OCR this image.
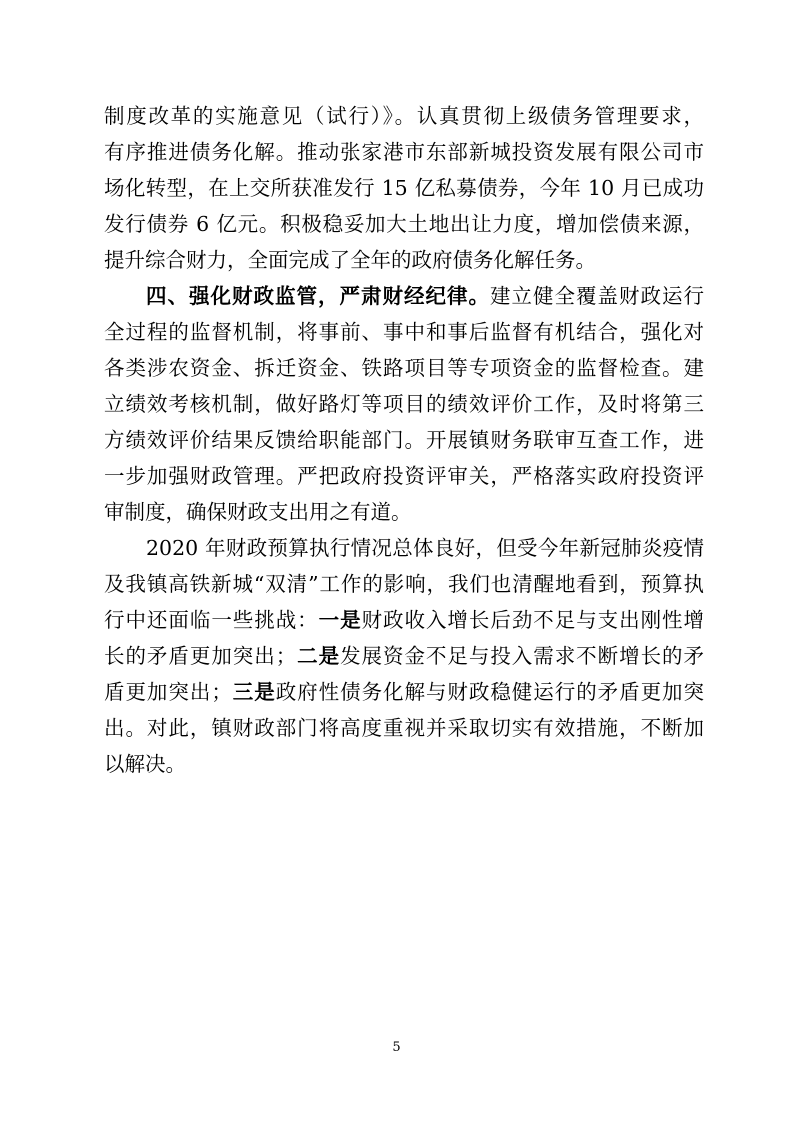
制度改革的实施意见（试行）》。认真贯彻上级债务管理要求，
有序推进债务化解。推动张家港市东部新城投资发展有限公司市
场化转型，在上交所获准发行 15 亿私募债券，今年 10 月已成功
发行债券 6 亿元。积极稳妥加大土地出让力度，增加偿债来源，
提升综合财力，全面完成了全年的政府债务化解任务。
四、强化财政监管，严肃财经纪律。建立健全覆盖财政运行
全过程的监督机制，将事前、事中和事后监督有机结合，强化对
各类涉农资金、拆迁资金、铁路项目等专项资金的监督检查。建
立绩效考核机制，做好路灯等项目的绩效评价工作，及时将第三
方绩效评价结果反馈给职能部门。开展镇财务联审互查工作，进
一步加强财政管理。严把政府投资评审关，严格落实政府投资评
审制度，确保财政支出用之有道。
2020 年财政预算执行情况总体良好，但受今年新冠肺炎疫情
及我镇高铁新城“双清”工作的影响，我们也清醒地看到，预算执
行中还面临一些挑战：一是财政收入增长后劲不足与支出刚性增
长的矛盾更加突出；二是发展资金不足与投入需求不断增长的矛
盾更加突出；三是政府性债务化解与财政稳健运行的矛盾更加突
出。对此，镇财政部门将高度重视并采取切实有效措施，不断加
以解决。
5
